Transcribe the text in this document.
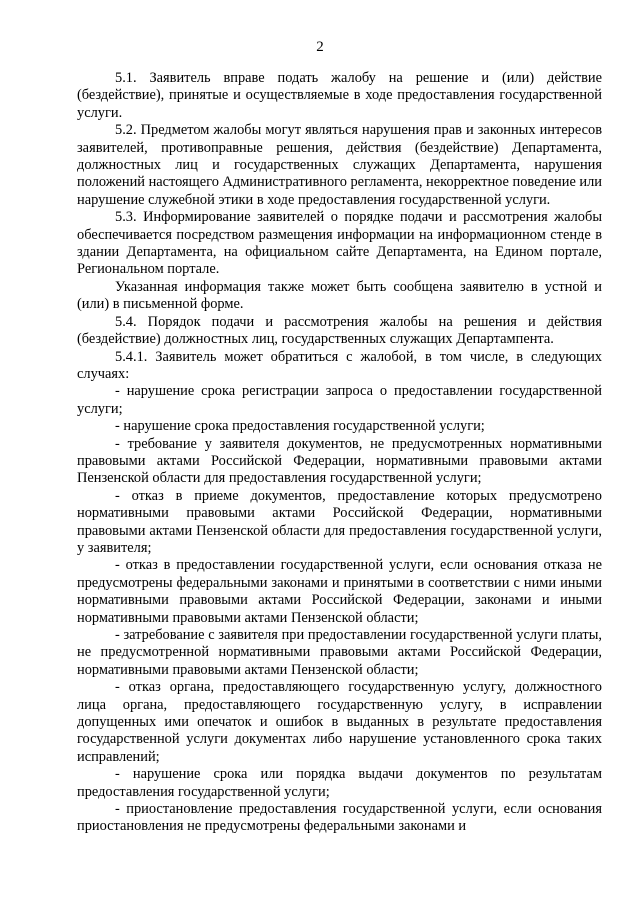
2

5.1. Заявитель вправе подать жалобу на решение и (или) действие (бездействие), принятые и осуществляемые в ходе предоставления государственной услуги.

5.2. Предметом жалобы могут являться нарушения прав и законных интересов заявителей, противоправные решения, действия (бездействие) Департамента, должностных лиц и государственных служащих Департамента, нарушения положений настоящего Административного регламента, некорректное поведение или нарушение служебной этики в ходе предоставления государственной услуги.

5.3. Информирование заявителей о порядке подачи и рассмотрения жалобы обеспечивается посредством размещения информации на информационном стенде в здании Департамента, на официальном сайте Департамента, на Едином портале, Региональном портале.

Указанная информация также может быть сообщена заявителю в устной и (или) в письменной форме.

5.4. Порядок подачи и рассмотрения жалобы на решения и действия (бездействие) должностных лиц, государственных служащих Департампента.

5.4.1. Заявитель может обратиться с жалобой, в том числе, в следующих случаях:

- нарушение срока регистрации запроса о предоставлении государственной услуги;

- нарушение срока предоставления государственной услуги;

- требование у заявителя документов, не предусмотренных нормативными правовыми актами Российской Федерации, нормативными правовыми актами Пензенской области для предоставления государственной услуги;

- отказ в приеме документов, предоставление которых предусмотрено нормативными правовыми актами Российской Федерации, нормативными правовыми актами Пензенской области для предоставления государственной услуги, у заявителя;

- отказ в предоставлении государственной услуги, если основания отказа не предусмотрены федеральными законами и принятыми в соответствии с ними иными нормативными правовыми актами Российской Федерации, законами и иными нормативными правовыми актами Пензенской области;

- затребование с заявителя при предоставлении государственной услуги платы, не предусмотренной нормативными правовыми актами Российской Федерации, нормативными правовыми актами Пензенской области;

- отказ органа, предоставляющего государственную услугу, должностного лица органа, предоставляющего государственную услугу, в исправлении допущенных ими опечаток и ошибок в выданных в результате предоставления государственной услуги документах либо нарушение установленного срока таких исправлений;

- нарушение срока или порядка выдачи документов по результатам предоставления государственной услуги;

- приостановление предоставления государственной услуги, если основания приостановления не предусмотрены федеральными законами и
